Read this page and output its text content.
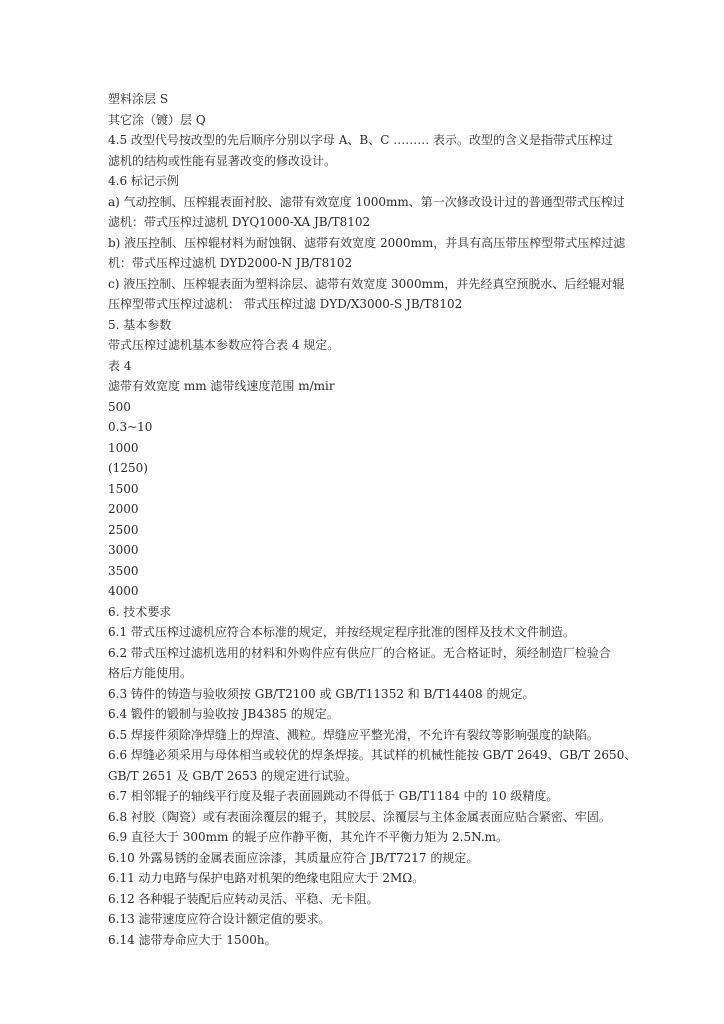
塑料涂层 S
其它涂（镀）层 Q
4.5 改型代号按改型的先后顺序分别以字母 A、B、C ……… 表示。改型的含义是指带式压榨过
滤机的结构或性能有显著改变的修改设计。
4.6 标记示例
a) 气动控制、压榨辊表面衬胶、滤带有效宽度 1000mm、第一次修改设计过的普通型带式压榨过
滤机：带式压榨过滤机 DYQ1000-XA JB/T8102
b) 液压控制、压榨辊材料为耐蚀钢、滤带有效宽度 2000mm，并具有高压带压榨型带式压榨过滤
机：带式压榨过滤机 DYD2000-N JB/T8102
c) 液压控制、压榨辊表面为塑料涂层、滤带有效宽度 3000mm，并先经真空预脱水、后经辊对辊
压榨型带式压榨过滤机： 带式压榨过滤 DYD/X3000-S JB/T8102
5. 基本参数
带式压榨过滤机基本参数应符合表 4 规定。
表 4
滤带有效宽度 mm 滤带线速度范围 m/mir
500
0.3~10
1000
(1250)
1500
2000
2500
3000
3500
4000
6. 技术要求
6.1 带式压榨过滤机应符合本标准的规定，并按经规定程序批准的图样及技术文件制造。
6.2 带式压榨过滤机选用的材料和外购件应有供应厂的合格证。无合格证时，须经制造厂检验合
格后方能使用。
6.3 铸件的铸造与验收须按 GB/T2100 或 GB/T11352 和 B/T14408 的规定。
6.4 锻件的锻制与验收按 JB4385 的规定。
6.5 焊接件须除净焊缝上的焊渣、溅粒。焊缝应平整光滑，不允许有裂纹等影响强度的缺陷。
6.6 焊缝必须采用与母体相当或较优的焊条焊接。其试样的机械性能按 GB/T 2649、GB/T 2650、
GB/T 2651 及 GB/T 2653 的规定进行试验。
6.7 相邻辊子的轴线平行度及辊子表面圆跳动不得低于 GB/T1184 中的 10 级精度。
6.8 衬胶（陶瓷）或有表面涂覆层的辊子，其胶层、涂覆层与主体金属表面应贴合紧密、牢固。
6.9 直径大于 300mm 的辊子应作静平衡，其允许不平衡力矩为 2.5N.m。
6.10 外露易锈的金属表面应涂漆，其质量应符合 JB/T7217 的规定。
6.11 动力电路与保护电路对机架的绝缘电阻应大于 2MΩ。
6.12 各种辊子装配后应转动灵活、平稳、无卡阻。
6.13 滤带速度应符合设计额定值的要求。
6.14 滤带寿命应大于 1500h。
